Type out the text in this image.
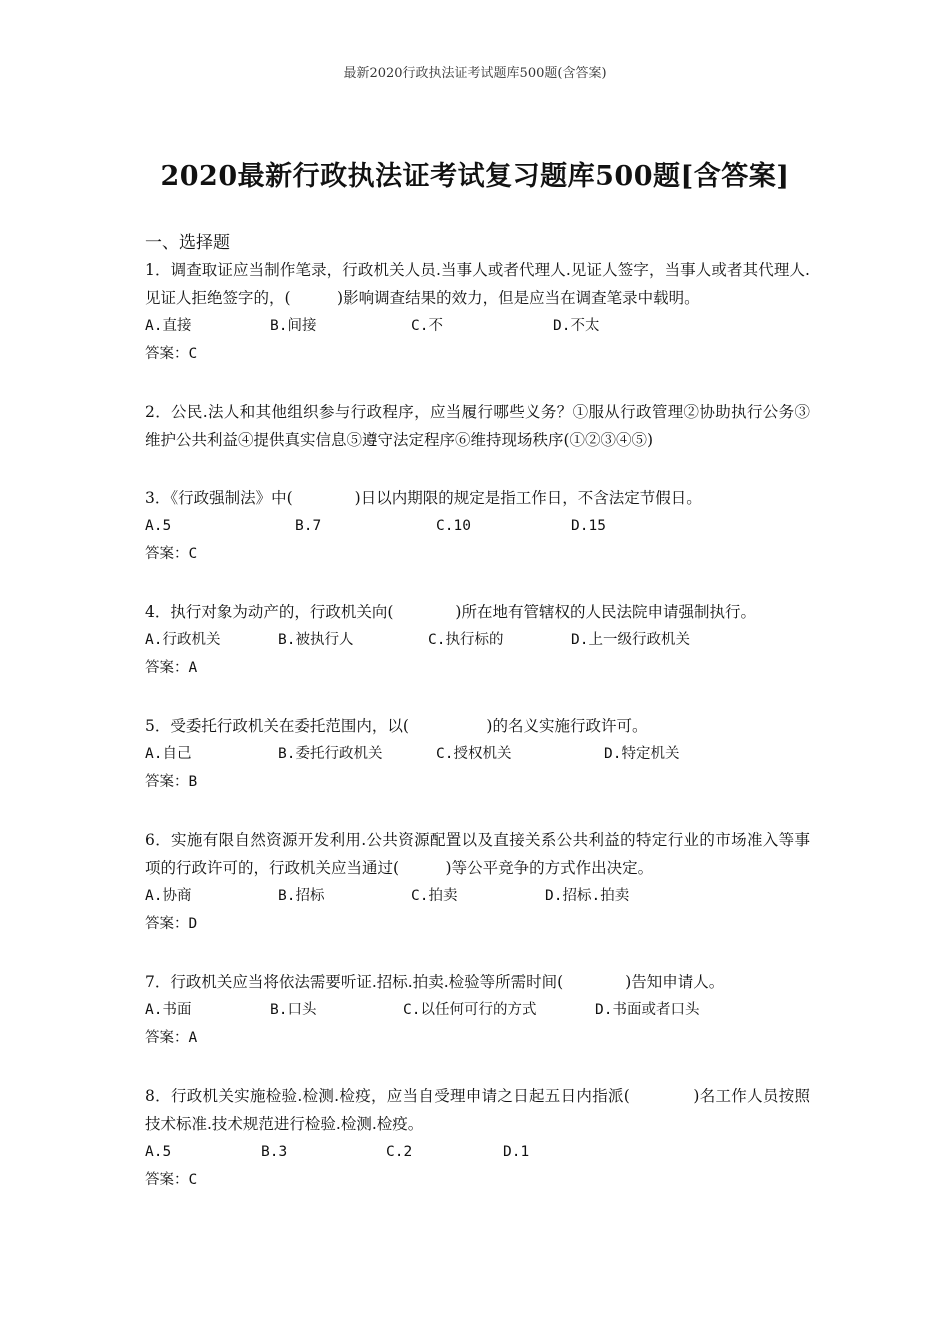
最新2020行政执法证考试题库500题(含答案)
2020最新行政执法证考试复习题库500题[含答案]
一、选择题
1．调查取证应当制作笔录，行政机关人员.当事人或者代理人.见证人签字，当事人或者其代理人.见证人拒绝签字的，(　　　)影响调查结果的效力，但是应当在调查笔录中载明。
A.直接	B.间接	C.不	D.不太
答案：C
2．公民.法人和其他组织参与行政程序，应当履行哪些义务？①服从行政管理②协助执行公务③维护公共利益④提供真实信息⑤遵守法定程序⑥维持现场秩序(①②③④⑤)
3．《行政强制法》中(　　　　)日以内期限的规定是指工作日，不含法定节假日。
A.5	B.7	C.10	D.15
答案：C
4．执行对象为动产的，行政机关向(　　　　)所在地有管辖权的人民法院申请强制执行。
A.行政机关	B.被执行人	C.执行标的	D.上一级行政机关
答案：A
5．受委托行政机关在委托范围内，以(　　　　　)的名义实施行政许可。
A.自己	B.委托行政机关	C.授权机关	D.特定机关
答案：B
6．实施有限自然资源开发利用.公共资源配置以及直接关系公共利益的特定行业的市场准入等事项的行政许可的，行政机关应当通过(　　　)等公平竞争的方式作出决定。
A.协商	B.招标	C.拍卖	D.招标.拍卖
答案：D
7．行政机关应当将依法需要听证.招标.拍卖.检验等所需时间(　　　　)告知申请人。
A.书面	B.口头	C.以任何可行的方式	D.书面或者口头
答案：A
8．行政机关实施检验.检测.检疫，应当自受理申请之日起五日内指派(　　　　)名工作人员按照技术标准.技术规范进行检验.检测.检疫。
A.5	B.3	C.2	D.1
答案：C
